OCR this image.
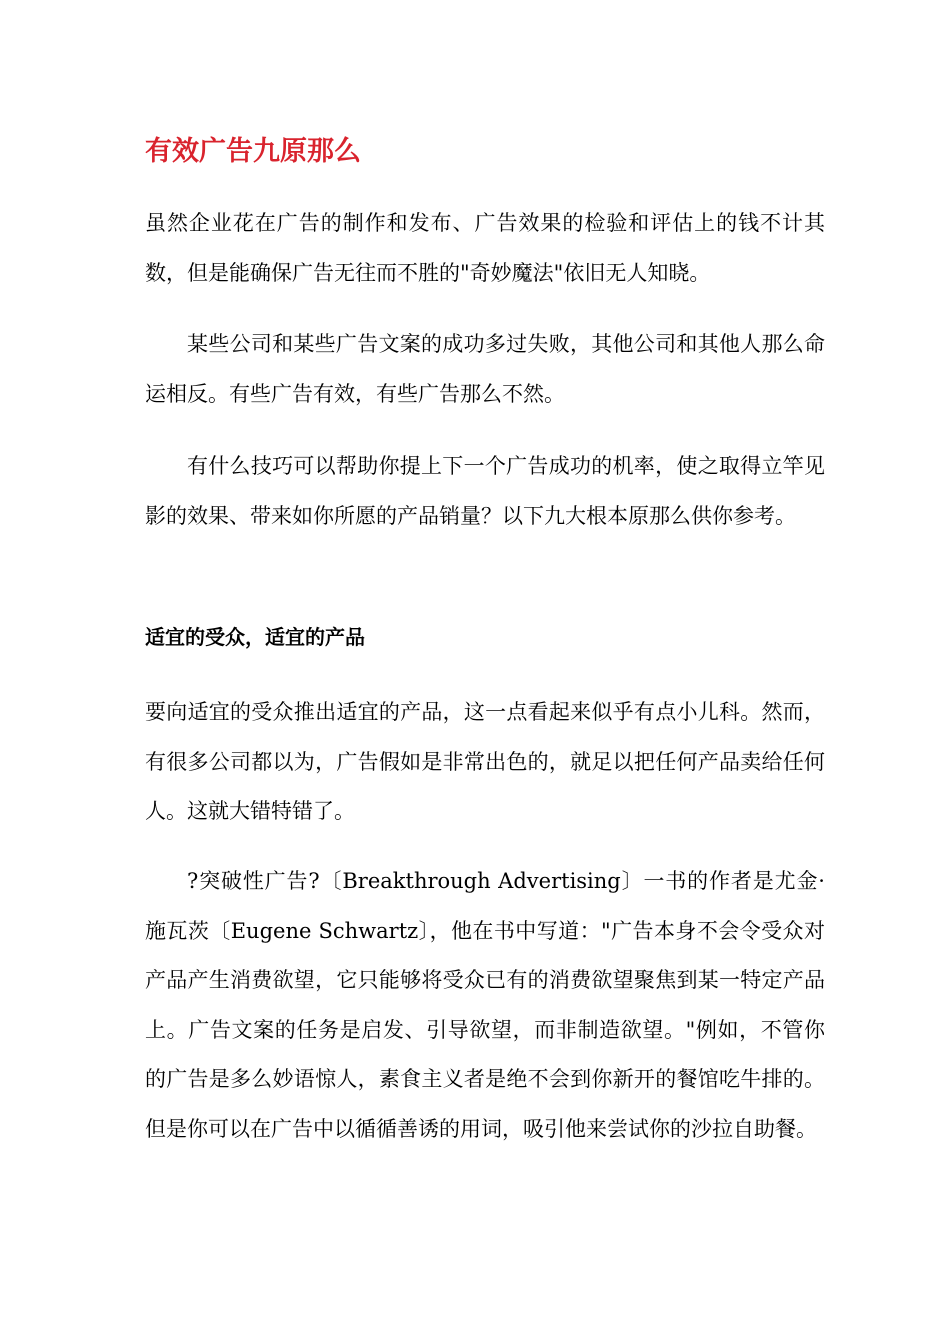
有效广告九原那么

虽然企业花在广告的制作和发布、广告效果的检验和评估上的钱不计其数，但是能确保广告无往而不胜的"奇妙魔法"依旧无人知晓。

某些公司和某些广告文案的成功多过失败，其他公司和其他人那么命运相反。有些广告有效，有些广告那么不然。

有什么技巧可以帮助你提上下一个广告成功的机率，使之取得立竿见影的效果、带来如你所愿的产品销量？以下九大根本原那么供你参考。

适宜的受众，适宜的产品

要向适宜的受众推出适宜的产品，这一点看起来似乎有点小儿科。然而，有很多公司都以为，广告假如是非常出色的，就足以把任何产品卖给任何人。这就大错特错了。

?突破性广告?〔Breakthrough Advertising〕一书的作者是尤金·施瓦茨〔Eugene Schwartz〕，他在书中写道："广告本身不会令受众对产品产生消费欲望，它只能够将受众已有的消费欲望聚焦到某一特定产品上。广告文案的任务是启发、引导欲望，而非制造欲望。"例如，不管你的广告是多么妙语惊人，素食主义者是绝不会到你新开的餐馆吃牛排的。但是你可以在广告中以循循善诱的用词，吸引他来尝试你的沙拉自助餐。
